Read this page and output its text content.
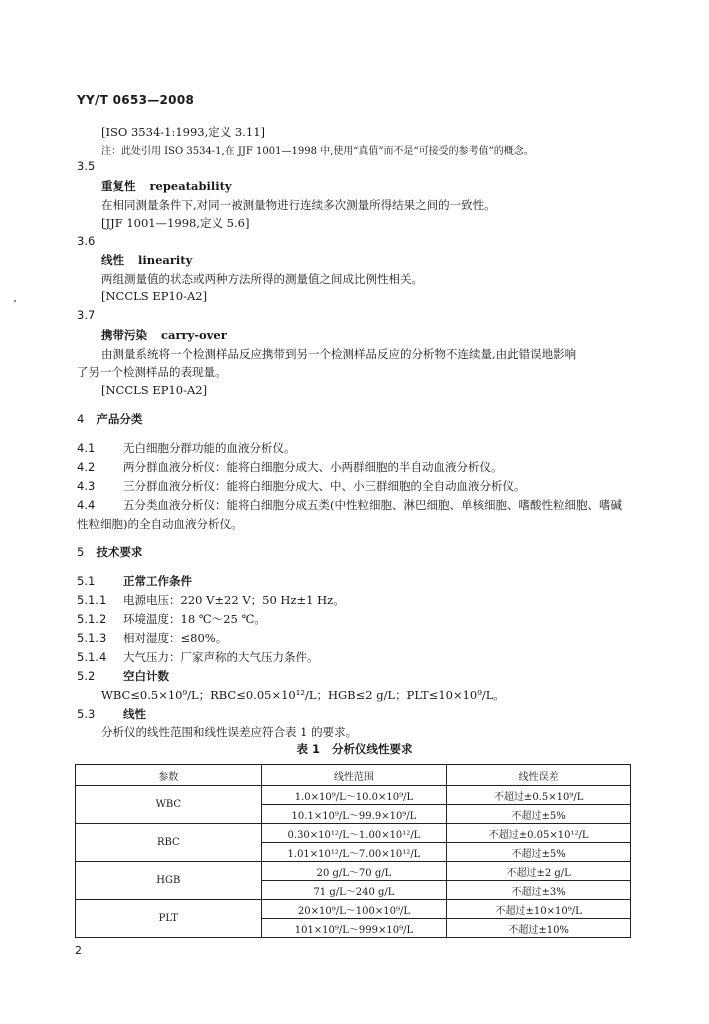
YY/T 0653—2008
[ISO 3534-1:1993,定义 3.11]
注：此处引用 ISO 3534-1,在 JJF 1001—1998 中,使用“真值”而不是“可接受的参考值”的概念。
3.5
重复性 repeatability
在相同测量条件下,对同一被测量物进行连续多次测量所得结果之间的一致性。
[JJF 1001—1998,定义 5.6]
3.6
线性 linearity
两组测量值的状态或两种方法所得的测量值之间成比例性相关。
[NCCLS EP10-A2]
3.7
携带污染 carry-over
由测量系统将一个检测样品反应携带到另一个检测样品反应的分析物不连续量,由此错误地影响
了另一个检测样品的表现量。
[NCCLS EP10-A2]
4 产品分类
4.1 无白细胞分群功能的血液分析仪。
4.2 两分群血液分析仪：能将白细胞分成大、小两群细胞的半自动血液分析仪。
4.3 三分群血液分析仪：能将白细胞分成大、中、小三群细胞的全自动血液分析仪。
4.4 五分类血液分析仪：能将白细胞分成五类(中性粒细胞、淋巴细胞、单核细胞、嗜酸性粒细胞、嗜碱
性粒细胞)的全自动血液分析仪。
5 技术要求
5.1 正常工作条件
5.1.1 电源电压：220 V±22 V；50 Hz±1 Hz。
5.1.2 环境温度：18 ℃～25 ℃。
5.1.3 相对湿度：≤80%。
5.1.4 大气压力：厂家声称的大气压力条件。
5.2 空白计数
WBC≤0.5×10⁹/L；RBC≤0.05×10¹²/L；HGB≤2 g/L；PLT≤10×10⁹/L。
5.3 线性
分析仪的线性范围和线性误差应符合表 1 的要求。
表 1 分析仪线性要求
参数	线性范围	线性误差
WBC	1.0×10⁹/L～10.0×10⁹/L	不超过±0.5×10⁹/L
	10.1×10⁹/L～99.9×10⁹/L	不超过±5%
RBC	0.30×10¹²/L～1.00×10¹²/L	不超过±0.05×10¹²/L
	1.01×10¹²/L～7.00×10¹²/L	不超过±5%
HGB	20 g/L～70 g/L	不超过±2 g/L
	71 g/L～240 g/L	不超过±3%
PLT	20×10⁹/L～100×10⁹/L	不超过±10×10⁹/L
	101×10⁹/L～999×10⁹/L	不超过±10%
2
